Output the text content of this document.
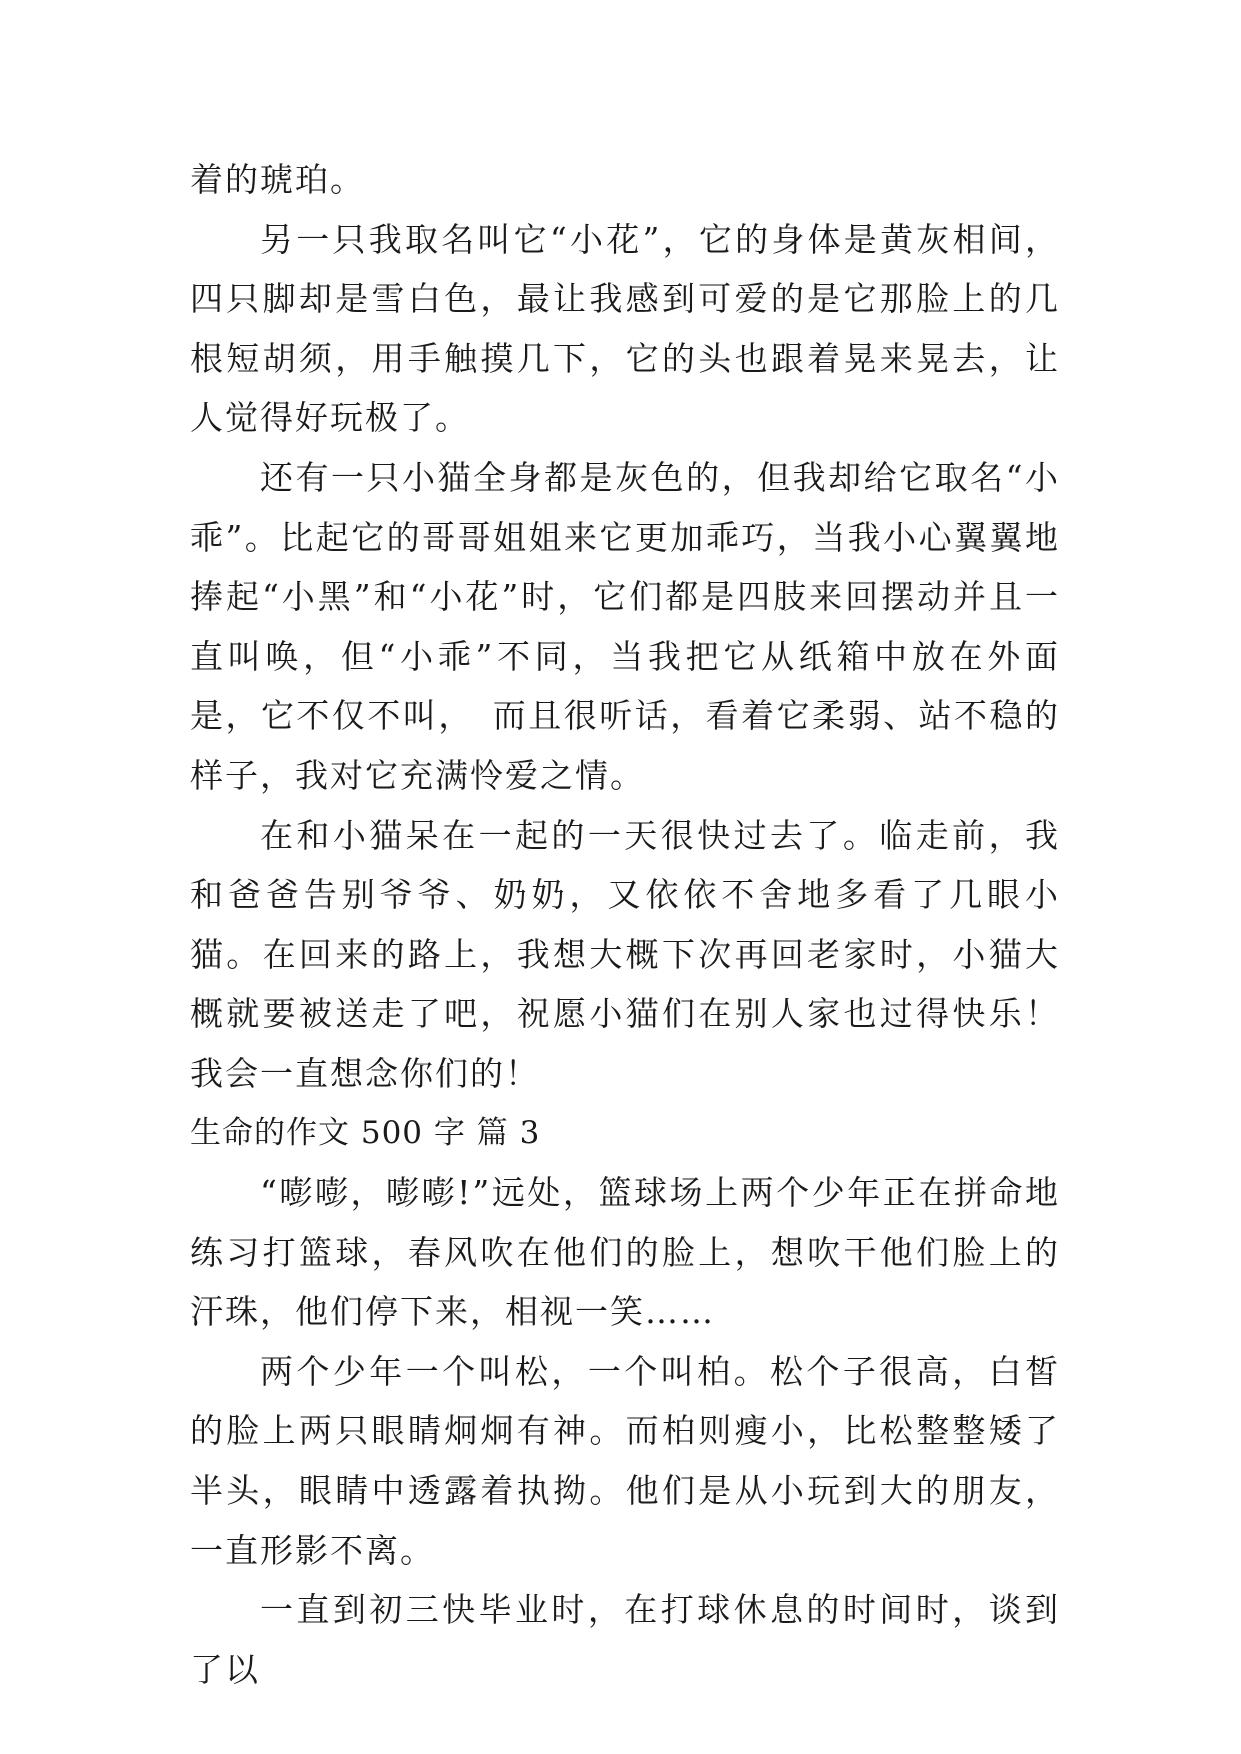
着的琥珀。

另一只我取名叫它“小花”，它的身体是黄灰相间，四只脚却是雪白色，最让我感到可爱的是它那脸上的几根短胡须，用手触摸几下，它的头也跟着晃来晃去，让人觉得好玩极了。

还有一只小猫全身都是灰色的，但我却给它取名“小乖”。比起它的哥哥姐姐来它更加乖巧，当我小心翼翼地捧起“小黑”和“小花”时，它们都是四肢来回摆动并且一直叫唤，但“小乖”不同，当我把它从纸箱中放在外面是，它不仅不叫，　而且很听话，看着它柔弱、站不稳的样子，我对它充满怜爱之情。

在和小猫呆在一起的一天很快过去了。临走前，我和爸爸告别爷爷、奶奶，又依依不舍地多看了几眼小猫。在回来的路上，我想大概下次再回老家时，小猫大概就要被送走了吧，祝愿小猫们在别人家也过得快乐！我会一直想念你们的！

生命的作文 500 字 篇 3

“嘭嘭，嘭嘭!”远处，篮球场上两个少年正在拼命地练习打篮球，春风吹在他们的脸上，想吹干他们脸上的汗珠，他们停下来，相视一笑……

两个少年一个叫松，一个叫柏。松个子很高，白皙的脸上两只眼睛炯炯有神。而柏则瘦小，比松整整矮了半头，眼睛中透露着执拗。他们是从小玩到大的朋友，一直形影不离。

一直到初三快毕业时，在打球休息的时间时，谈到了以
